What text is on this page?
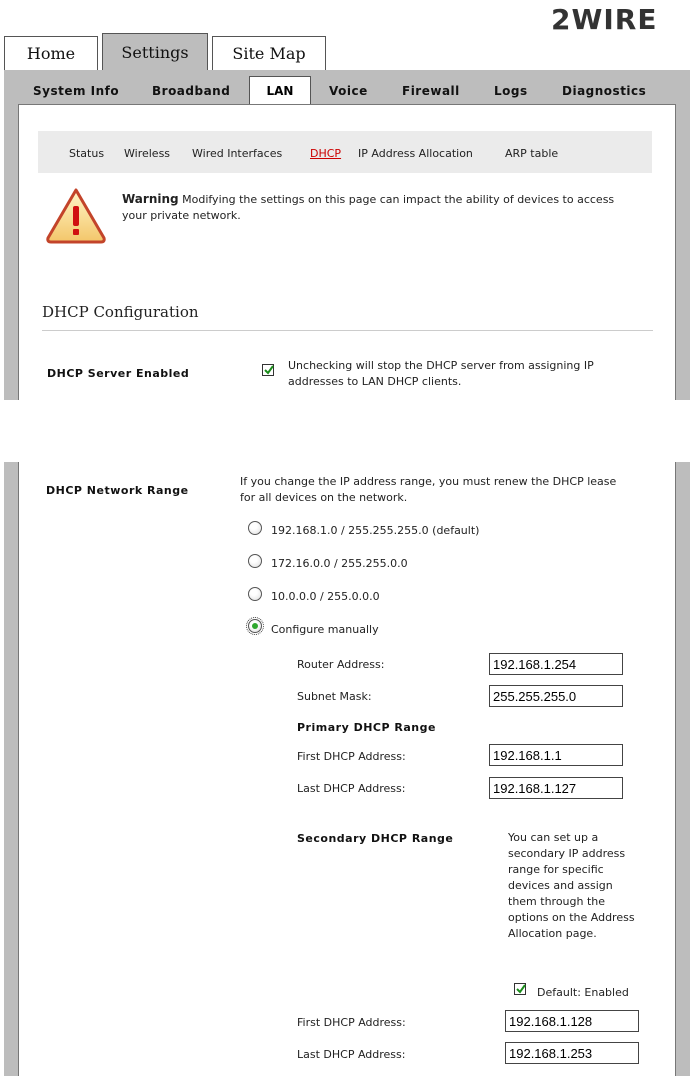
2WIRE
Home	Settings	Site Map
System Info	Broadband	LAN	Voice	Firewall	Logs	Diagnostics
Status Wireless Wired Interfaces	DHCP IP Address Allocation	ARP table
Warning Modifying the settings on this page can impact the ability of devices to access your private network.
DHCP Configuration
DHCP Server Enabled
Unchecking will stop the DHCP server from assigning IP addresses to LAN DHCP clients.
DHCP Network Range
If you change the IP address range, you must renew the DHCP lease for all devices on the network.
192.168.1.0 / 255.255.255.0 (default)
172.16.0.0 / 255.255.0.0
10.0.0.0 / 255.0.0.0
Configure manually
Router Address:
192.168.1.254
Subnet Mask:
255.255.255.0
Primary DHCP Range
First DHCP Address:
192.168.1.1
Last DHCP Address:
192.168.1.127
Secondary DHCP Range	You can set up a secondary IP address range for specific devices and assign them through the options on the Address Allocation page.
Default: Enabled
First DHCP Address:
192.168.1.128
Last DHCP Address:
192.168.1.253
